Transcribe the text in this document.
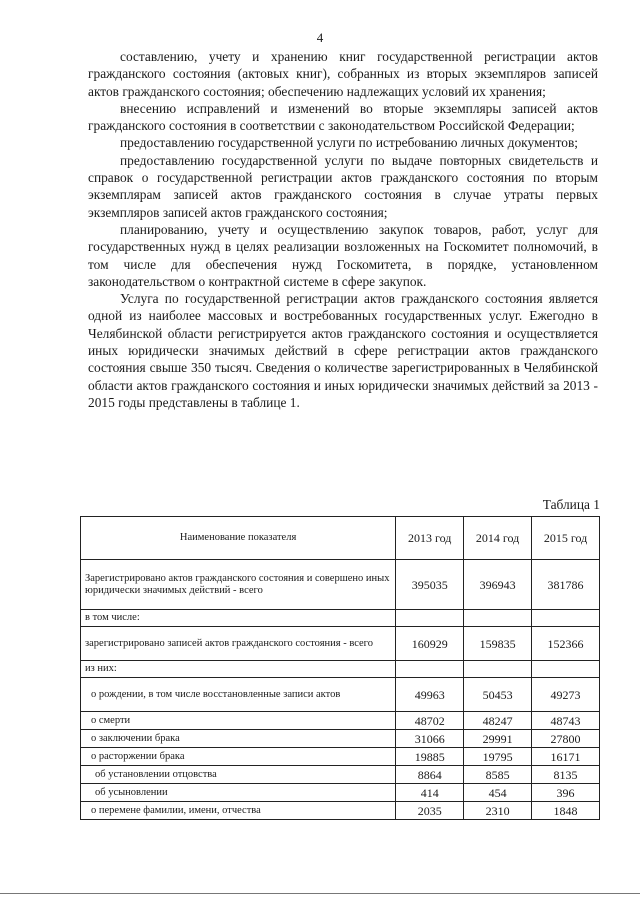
4

составлению, учету и хранению книг государственной регистрации актов гражданского состояния (актовых книг), собранных из вторых экземпляров записей актов гражданского состояния; обеспечению надлежащих условий их хранения;

внесению исправлений и изменений во вторые экземпляры записей актов гражданского состояния в соответствии с законодательством Российской Федерации;

предоставлению государственной услуги по истребованию личных документов;

предоставлению государственной услуги по выдаче повторных свидетельств и справок о государственной регистрации актов гражданского состояния по вторым экземплярам записей актов гражданского состояния в случае утраты первых экземпляров записей актов гражданского состояния;

планированию, учету и осуществлению закупок товаров, работ, услуг для государственных нужд в целях реализации возложенных на Госкомитет полномочий, в том числе для обеспечения нужд Госкомитета, в порядке, установленном законодательством о контрактной системе в сфере закупок.

Услуга по государственной регистрации актов гражданского состояния является одной из наиболее массовых и востребованных государственных услуг. Ежегодно в Челябинской области регистрируется актов гражданского состояния и осуществляется иных юридически значимых действий в сфере регистрации актов гражданского состояния свыше 350 тысяч. Сведения о количестве зарегистрированных в Челябинской области актов гражданского состояния и иных юридически значимых действий за 2013 - 2015 годы представлены в таблице 1.

Таблица 1
Наименование показателя	2013 год	2014 год	2015 год
Зарегистрировано актов гражданского состояния и совершено иных юридически значимых действий - всего	395035	396943	381786
в том числе:			
зарегистрировано записей актов гражданского состояния - всего	160929	159835	152366
из них:			
о рождении, в том числе восстановленные записи актов	49963	50453	49273
о смерти	48702	48247	48743
о заключении брака	31066	29991	27800
о расторжении брака	19885	19795	16171
об установлении отцовства	8864	8585	8135
об усыновлении	414	454	396
о перемене фамилии, имени, отчества	2035	2310	1848
